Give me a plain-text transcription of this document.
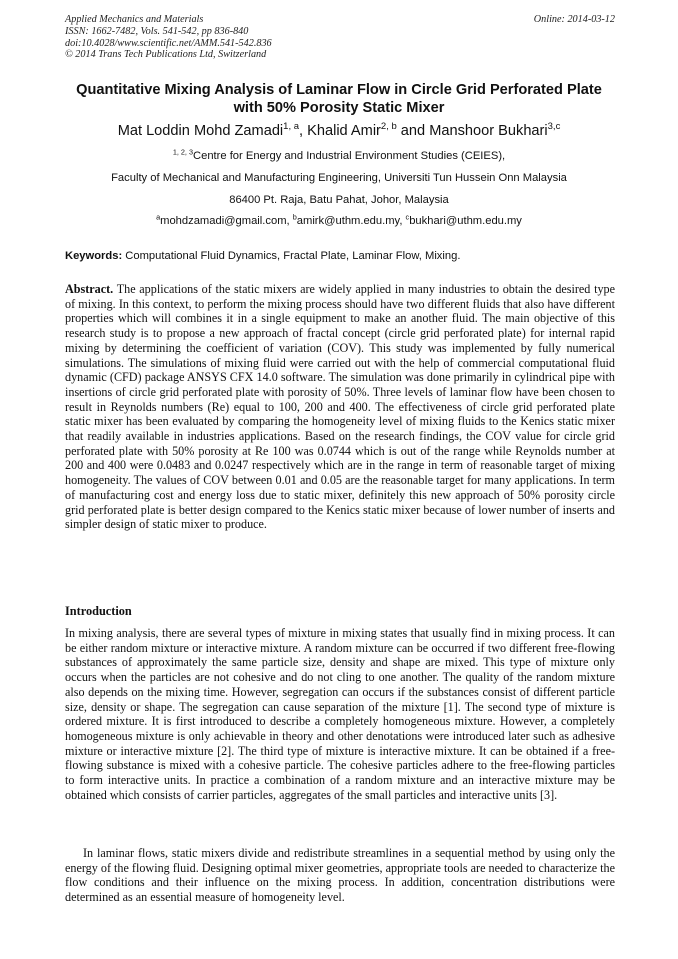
Applied Mechanics and Materials
ISSN: 1662-7482, Vols. 541-542, pp 836-840
doi:10.4028/www.scientific.net/AMM.541-542.836
© 2014 Trans Tech Publications Ltd, Switzerland
Online: 2014-03-12
Quantitative Mixing Analysis of Laminar Flow in Circle Grid Perforated Plate with 50% Porosity Static Mixer
Mat Loddin Mohd Zamadi$^{1, a}$, Khalid Amir$^{2, b}$ and Manshoor Bukhari$^{3,c}$
$^{1, 2, 3}$Centre for Energy and Industrial Environment Studies (CEIES),
Faculty of Mechanical and Manufacturing Engineering, Universiti Tun Hussein Onn Malaysia
86400 Pt. Raja, Batu Pahat, Johor, Malaysia
$^a$mohdzamadi@gmail.com, $^b$amirk@uthm.edu.my, $^c$bukhari@uthm.edu.my
Keywords: Computational Fluid Dynamics, Fractal Plate, Laminar Flow, Mixing.
Abstract. The applications of the static mixers are widely applied in many industries to obtain the desired type of mixing. In this context, to perform the mixing process should have two different fluids that also have different properties which will combines it in a single equipment to make an another fluid. The main objective of this research study is to propose a new approach of fractal concept (circle grid perforated plate) for internal rapid mixing by determining the coefficient of variation (COV). This study was implemented by fully numerical simulations. The simulations of mixing fluid were carried out with the help of commercial computational fluid dynamic (CFD) package ANSYS CFX 14.0 software. The simulation was done primarily in cylindrical pipe with insertions of circle grid perforated plate with porosity of 50%. Three levels of laminar flow have been chosen to result in Reynolds numbers (Re) equal to 100, 200 and 400. The effectiveness of circle grid perforated plate static mixer has been evaluated by comparing the homogeneity level of mixing fluids to the Kenics static mixer that readily available in industries applications. Based on the research findings, the COV value for circle grid perforated plate with 50% porosity at Re 100 was 0.0744 which is out of the range while Reynolds number at 200 and 400 were 0.0483 and 0.0247 respectively which are in the range in term of reasonable target of mixing homogeneity. The values of COV between 0.01 and 0.05 are the reasonable target for many applications. In term of manufacturing cost and energy loss due to static mixer, definitely this new approach of 50% porosity circle grid perforated plate is better design compared to the Kenics static mixer because of lower number of inserts and simpler design of static mixer to produce.
Introduction
In mixing analysis, there are several types of mixture in mixing states that usually find in mixing process. It can be either random mixture or interactive mixture. A random mixture can be occurred if two different free-flowing substances of approximately the same particle size, density and shape are mixed. This type of mixture only occurs when the particles are not cohesive and do not cling to one another. The quality of the random mixture also depends on the mixing time. However, segregation can occurs if the substances consist of different particle size, density or shape. The segregation can cause separation of the mixture [1]. The second type of mixture is ordered mixture. It is first introduced to describe a completely homogeneous mixture. However, a completely homogeneous mixture is only achievable in theory and other denotations were introduced later such as adhesive mixture or interactive mixture [2]. The third type of mixture is interactive mixture. It can be obtained if a free-flowing substance is mixed with a cohesive particle. The cohesive particles adhere to the free-flowing particles to form interactive units. In practice a combination of a random mixture and an interactive mixture may be obtained which consists of carrier particles, aggregates of the small particles and interactive units [3].
In laminar flows, static mixers divide and redistribute streamlines in a sequential method by using only the energy of the flowing fluid. Designing optimal mixer geometries, appropriate tools are needed to characterize the flow conditions and their influence on the mixing process. In addition, concentration distributions were determined as an essential measure of homogeneity level.
